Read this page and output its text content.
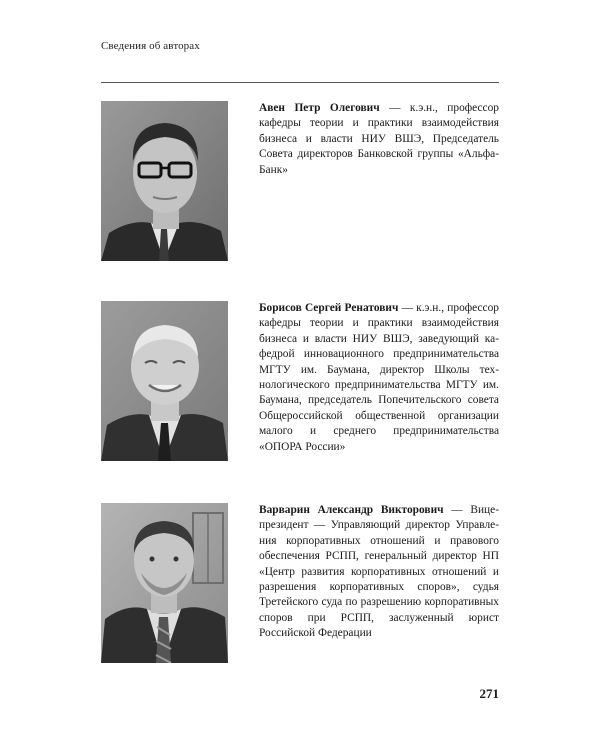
Сведения об авторах
Авен Петр Олегович — к.э.н., профессор кафедры теории и практики взаимодействия бизнеса и власти НИУ ВШЭ, Председатель Совета директоров Банковской группы «Альфа-Банк»
Борисов Сергей Ренатович — к.э.н., профессор кафедры теории и практики взаимодействия бизнеса и власти НИУ ВШЭ, заведующий кафедрой инновационного предпринимательства МГТУ им. Баумана, директор Школы технологического предпринимательства МГТУ им. Баумана, председатель Попечительского совета Общероссийской общественной организации малого и среднего предпринимательства «ОПОРА России»
Варварин Александр Викторович — Вице-президент — Управляющий директор Управления корпоративных отношений и правового обеспечения РСПП, генеральный директор НП «Центр развития корпоративных отношений и разрешения корпоративных споров», судья Третейского суда по разрешению корпоративных споров при РСПП, заслуженный юрист Российской Федерации
271
